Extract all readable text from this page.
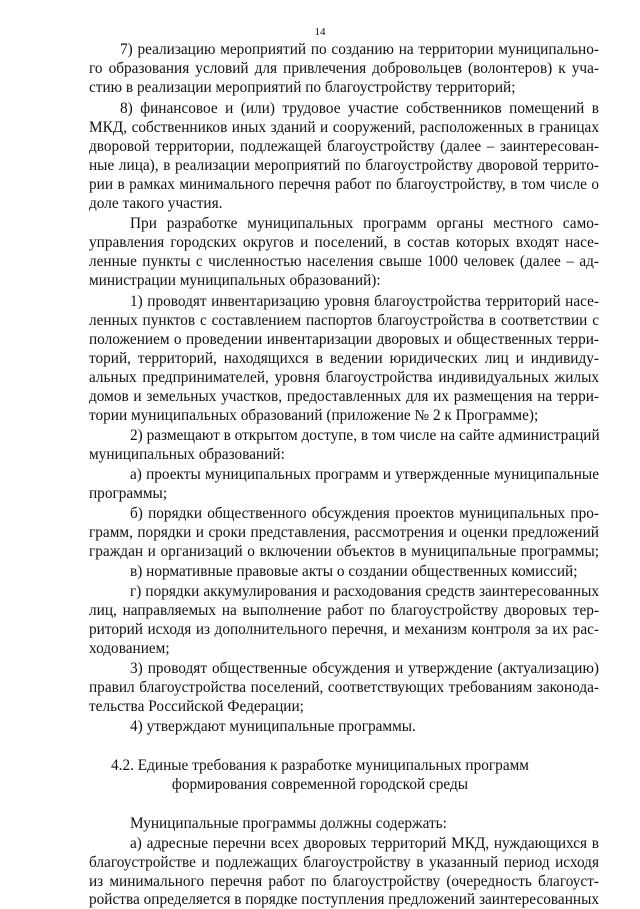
14
7) реализацию мероприятий по созданию на территории муниципально-
го образования условий для привлечения добровольцев (волонтеров) к уча-
стию в реализации мероприятий по благоустройству территорий;
8) финансовое и (или) трудовое участие собственников помещений в
МКД, собственников иных зданий и сооружений, расположенных в границах
дворовой территории, подлежащей благоустройству (далее – заинтересован-
ные лица), в реализации мероприятий по благоустройству дворовой террито-
рии в рамках минимального перечня работ по благоустройству, в том числе о
доле такого участия.
При разработке муниципальных программ органы местного само-
управления городских округов и поселений, в состав которых входят насе-
ленные пункты с численностью населения свыше 1000 человек (далее – ад-
министрации муниципальных образований):
1) проводят инвентаризацию уровня благоустройства территорий насе-
ленных пунктов с составлением паспортов благоустройства в соответствии с
положением о проведении инвентаризации дворовых и общественных терри-
торий, территорий, находящихся в ведении юридических лиц и индивиду-
альных предпринимателей, уровня благоустройства индивидуальных жилых
домов и земельных участков, предоставленных для их размещения на терри-
тории муниципальных образований (приложение № 2 к Программе);
2) размещают в открытом доступе, в том числе на сайте администраций
муниципальных образований:
а) проекты муниципальных программ и утвержденные муниципальные
программы;
б) порядки общественного обсуждения проектов муниципальных про-
грамм, порядки и сроки представления, рассмотрения и оценки предложений
граждан и организаций о включении объектов в муниципальные программы;
в) нормативные правовые акты о создании общественных комиссий;
г) порядки аккумулирования и расходования средств заинтересованных
лиц, направляемых на выполнение работ по благоустройству дворовых тер-
риторий исходя из дополнительного перечня, и механизм контроля за их рас-
ходованием;
3) проводят общественные обсуждения и утверждение (актуализацию)
правил благоустройства поселений, соответствующих требованиям законода-
тельства Российской Федерации;
4) утверждают муниципальные программы.
4.2. Единые требования к разработке муниципальных программ
формирования современной городской среды
Муниципальные программы должны содержать:
а) адресные перечни всех дворовых территорий МКД, нуждающихся в
благоустройстве и подлежащих благоустройству в указанный период исходя
из минимального перечня работ по благоустройству (очередность благоуст-
ройства определяется в порядке поступления предложений заинтересованных
